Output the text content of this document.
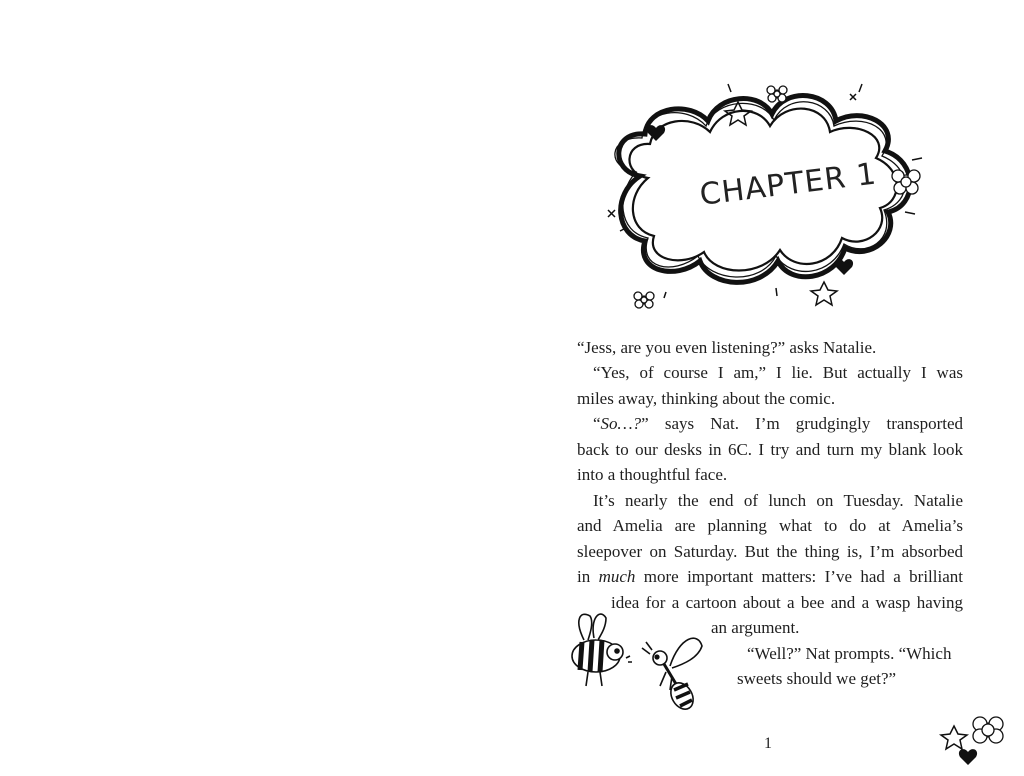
CHAPTER 1
“Jess, are you even listening?” asks Natalie.
“Yes, of course I am,” I lie. But actually I was
miles away, thinking about the comic.
“So…?” says Nat. I’m grudgingly transported
back to our desks in 6C. I try and turn my blank look
into a thoughtful face.
It’s nearly the end of lunch on Tuesday. Natalie
and Amelia are planning what to do at Amelia’s
sleepover on Saturday. But the thing is, I’m absorbed
in much more important matters: I’ve had a brilliant
idea for a cartoon about a bee and a wasp having
an argument.
“Well?” Nat prompts. “Which
sweets should we get?”
1
